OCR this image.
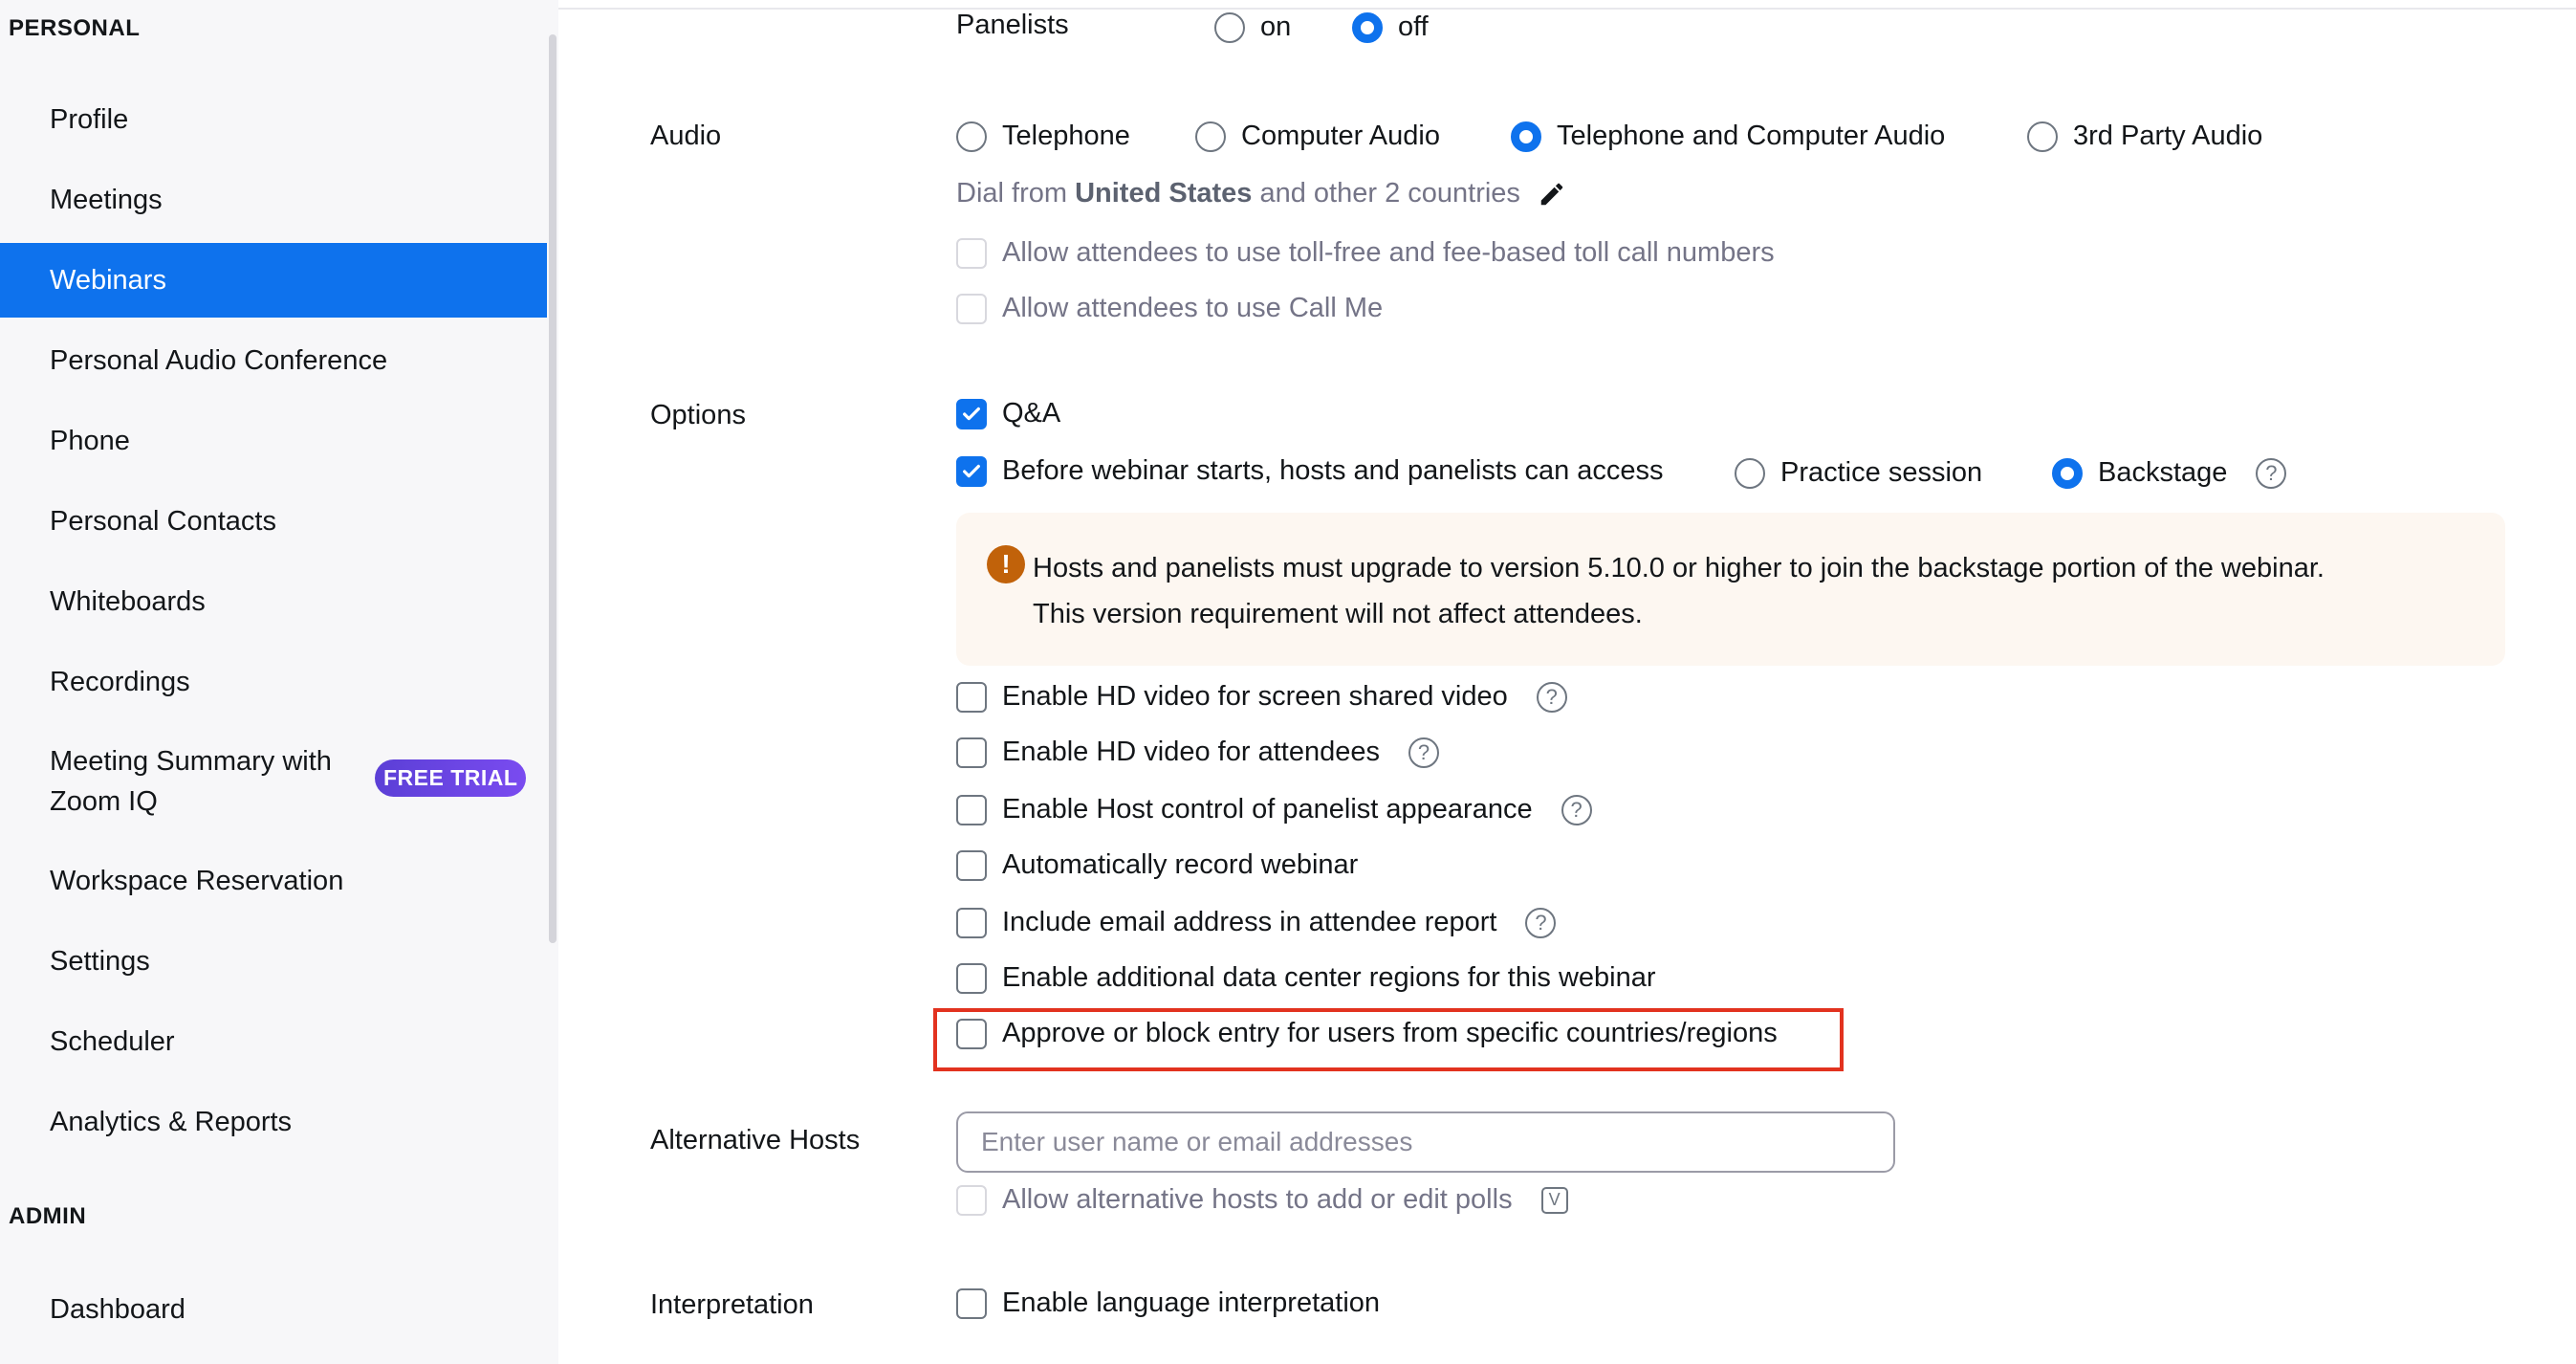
PERSONAL
Profile
Meetings
Webinars
Personal Audio Conference
Phone
Personal Contacts
Whiteboards
Recordings
Meeting Summary with Zoom IQ
FREE TRIAL
Workspace Reservation
Settings
Scheduler
Analytics & Reports
ADMIN
Dashboard
Panelists	on	off
Audio	Telephone	Computer Audio	Telephone and Computer Audio	3rd Party Audio
Dial from
United States
and other 2 countries
Allow attendees to use toll-free and fee-based toll call numbers
Allow attendees to use Call Me
Options	Q&A
Before webinar starts, hosts and panelists can access	Practice session	Backstage	?
! Hosts and panelists must upgrade to version 5.10.0 or higher to join the backstage portion of the webinar.
This version requirement will not affect attendees.
Enable HD video for screen shared video	?
Enable HD video for attendees	?
Enable Host control of panelist appearance	?
Automatically record webinar
Include email address in attendee report	?
Enable additional data center regions for this webinar
Approve or block entry for users from specific countries/regions
Alternative Hosts
Enter user name or email addresses
Allow alternative hosts to add or edit polls	V
Interpretation	Enable language interpretation
